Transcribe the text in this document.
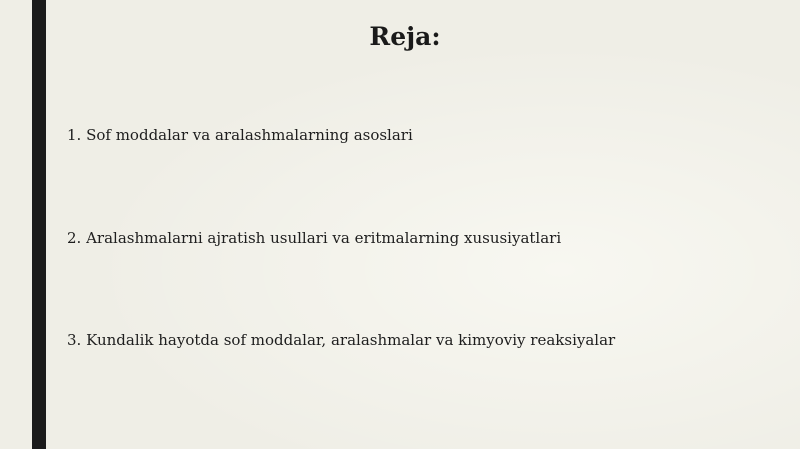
Reja:
1. Sof moddalar va aralashmalarning asoslari
2. Aralashmalarni ajratish usullari va eritmalarning xususiyatlari
3. Kundalik hayotda sof moddalar, aralashmalar va kimyoviy reaksiyalar
